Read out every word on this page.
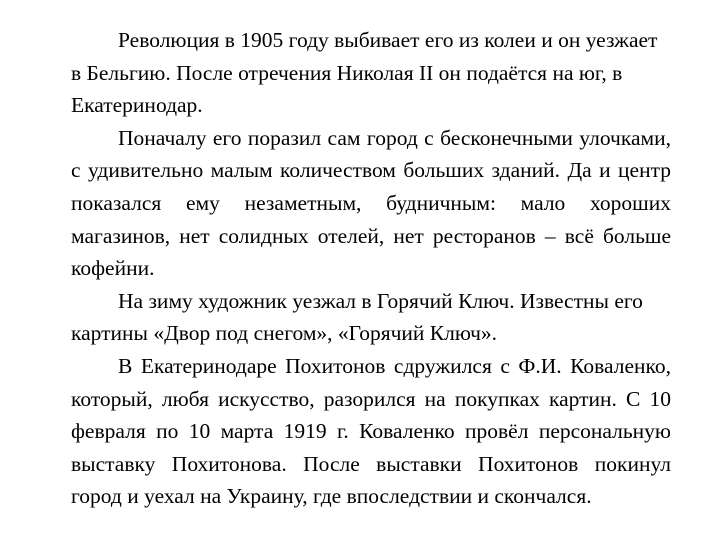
Революция в 1905 году выбивает его из колеи и он уезжает в Бельгию. После отречения Николая II он подаётся на юг, в Екатеринодар.

Поначалу его поразил сам город с бесконечными улочками, с удивительно малым количеством больших зданий. Да и центр показался ему незаметным, будничным: мало хороших магазинов, нет солидных отелей, нет ресторанов – всё больше кофейни.

На зиму художник уезжал в Горячий Ключ. Известны его картины «Двор под снегом», «Горячий Ключ».

В Екатеринодаре Похитонов сдружился с Ф.И. Коваленко, который, любя искусство, разорился на покупках картин. С 10 февраля по 10 марта 1919 г. Коваленко провёл персональную выставку Похитонова. После выставки Похитонов покинул город и уехал на Украину, где впоследствии и скончался.
